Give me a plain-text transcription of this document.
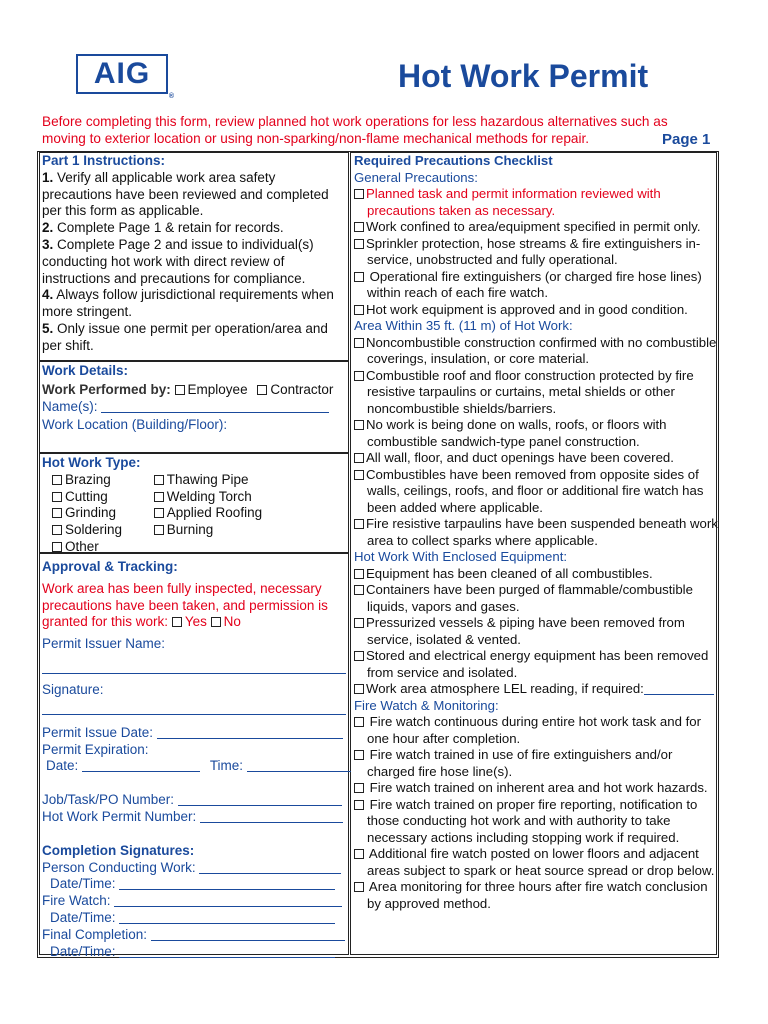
AIG
®
Hot Work Permit
Before completing this form, review planned hot work operations for less hazardous alternatives such as moving to exterior location or using non-sparking/non-flame mechanical methods for repair.	Page 1
Part 1 Instructions:
1. Verify all applicable work area safety precautions have been reviewed and completed per this form as applicable.
2. Complete Page 1 & retain for records.
3. Complete Page 2 and issue to individual(s) conducting hot work with direct review of instructions and precautions for compliance.
4. Always follow jurisdictional requirements when more stringent.
5. Only issue one permit per operation/area and per shift.
Work Details:
Work Performed by: Employee Contractor
Name(s):
Work Location (Building/Floor):
Hot Work Type:
Brazing
Cutting
Grinding
Soldering
Other

Thawing Pipe
Welding Torch
Applied Roofing
Burning
Approval & Tracking:
Work area has been fully inspected, necessary precautions have been taken, and permission is granted for this work: Yes No
Permit Issuer Name:
Signature:
Permit Issue Date:
Permit Expiration:
Date:	Time:
Job/Task/PO Number:
Hot Work Permit Number:
Completion Signatures:
Person Conducting Work:
Date/Time:
Fire Watch:
Date/Time:
Final Completion:
Date/Time:
Required Precautions Checklist
General Precautions:
Planned task and permit information reviewed with precautions taken as necessary.
Work confined to area/equipment specified in permit only.
Sprinkler protection, hose streams & fire extinguishers in-service, unobstructed and fully operational.
Operational fire extinguishers (or charged fire hose lines) within reach of each fire watch.
Hot work equipment is approved and in good condition.
Area Within 35 ft. (11 m) of Hot Work:
Noncombustible construction confirmed with no combustible coverings, insulation, or core material.
Combustible roof and floor construction protected by fire resistive tarpaulins or curtains, metal shields or other noncombustible shields/barriers.
No work is being done on walls, roofs, or floors with combustible sandwich-type panel construction.
All wall, floor, and duct openings have been covered.
Combustibles have been removed from opposite sides of walls, ceilings, roofs, and floor or additional fire watch has been added where applicable.
Fire resistive tarpaulins have been suspended beneath work area to collect sparks where applicable.
Hot Work With Enclosed Equipment:
Equipment has been cleaned of all combustibles.
Containers have been purged of flammable/combustible liquids, vapors and gases.
Pressurized vessels & piping have been removed from service, isolated & vented.
Stored and electrical energy equipment has been removed from service and isolated.
Work area atmosphere LEL reading, if required:
Fire Watch & Monitoring:
Fire watch continuous during entire hot work task and for one hour after completion.
Fire watch trained in use of fire extinguishers and/or charged fire hose line(s).
Fire watch trained on inherent area and hot work hazards.
Fire watch trained on proper fire reporting, notification to those conducting hot work and with authority to take necessary actions including stopping work if required.
Additional fire watch posted on lower floors and adjacent areas subject to spark or heat source spread or drop below.
Area monitoring for three hours after fire watch conclusion by approved method.
